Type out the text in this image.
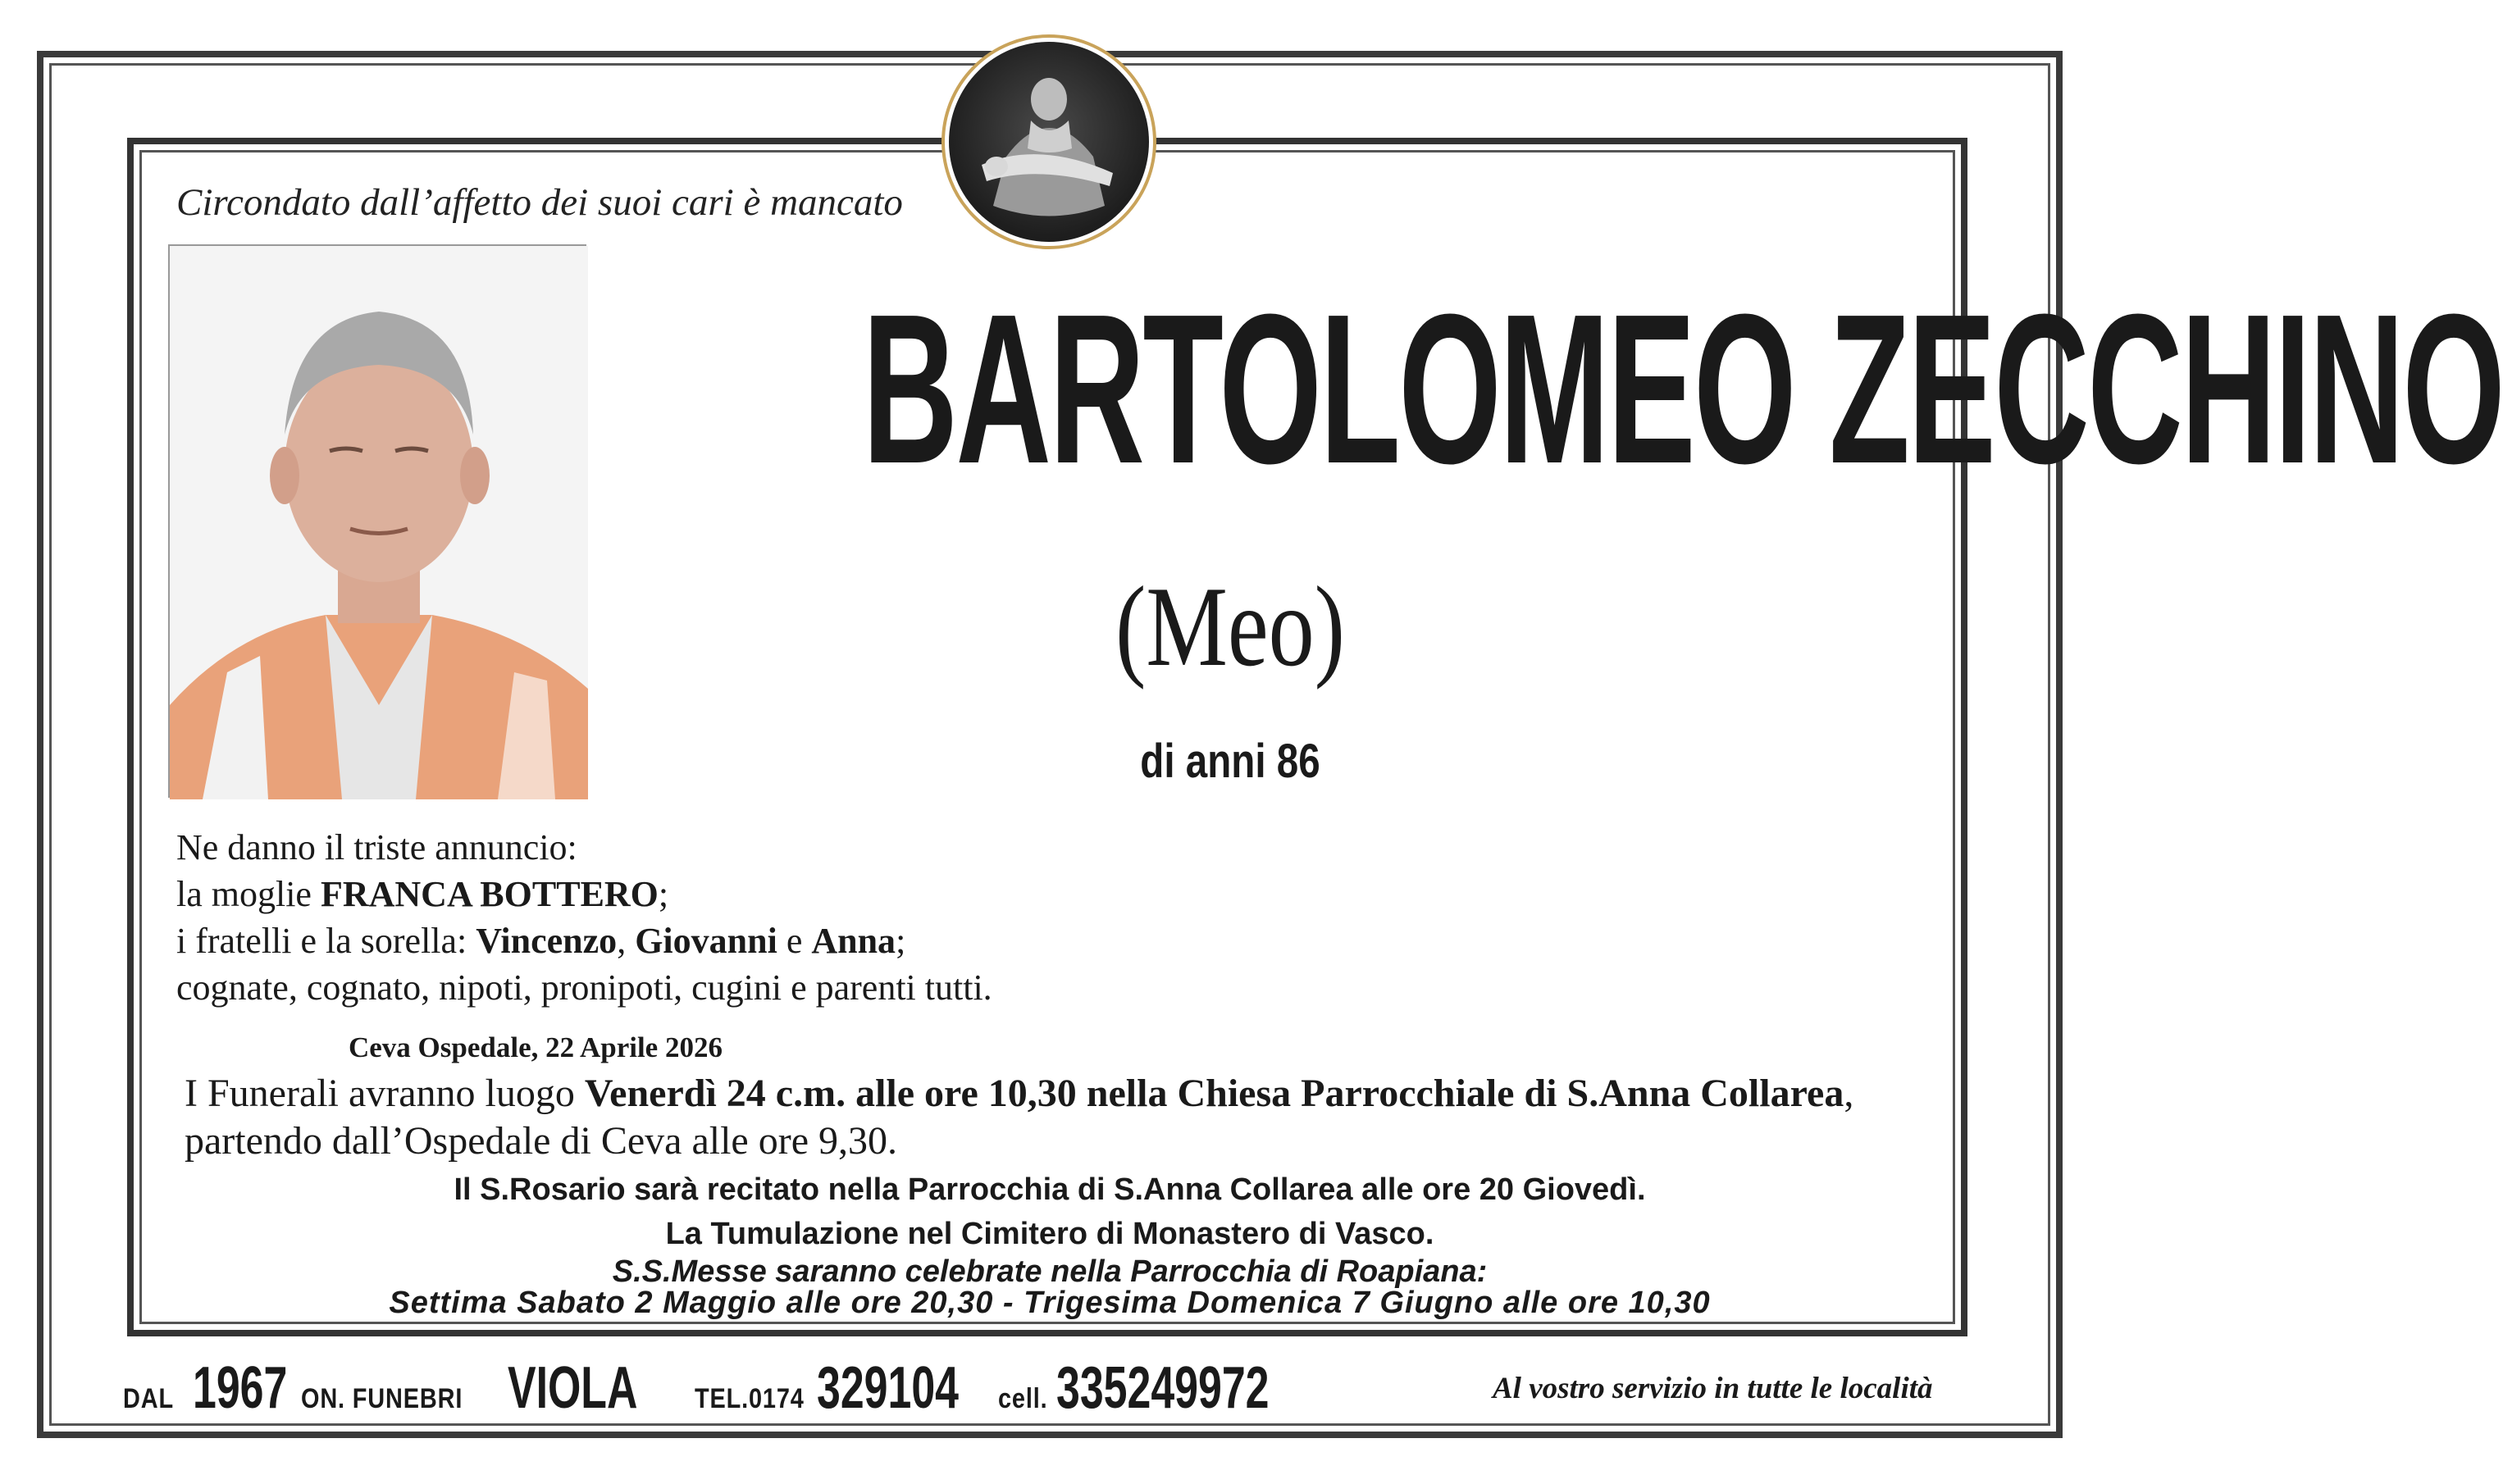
Circondato dall’affetto dei suoi cari è mancato
BARTOLOMEO ZECCHINO
(Meo)
di anni 86
Ne danno il triste annuncio:
la moglie FRANCA BOTTERO;
i fratelli e la sorella: Vincenzo, Giovanni e Anna;
cognate, cognato, nipoti, pronipoti, cugini e parenti tutti.
Ceva Ospedale, 22 Aprile 2026
I Funerali avranno luogo Venerdì 24 c.m. alle ore 10,30 nella Chiesa Parrocchiale di S.Anna Collarea,
partendo dall’Ospedale di Ceva alle ore 9,30.
Il S.Rosario sarà recitato nella Parrocchia di S.Anna Collarea alle ore 20 Giovedì.
La Tumulazione nel Cimitero di Monastero di Vasco.
S.S.Messe saranno celebrate nella Parrocchia di Roapiana:
Settima Sabato 2 Maggio alle ore 20,30 - Trigesima Domenica 7 Giugno alle ore 10,30
DAL 1967 ON. FUNEBRI VIOLA TEL.0174 329104 cell. 335249972	Al vostro servizio in tutte le località
